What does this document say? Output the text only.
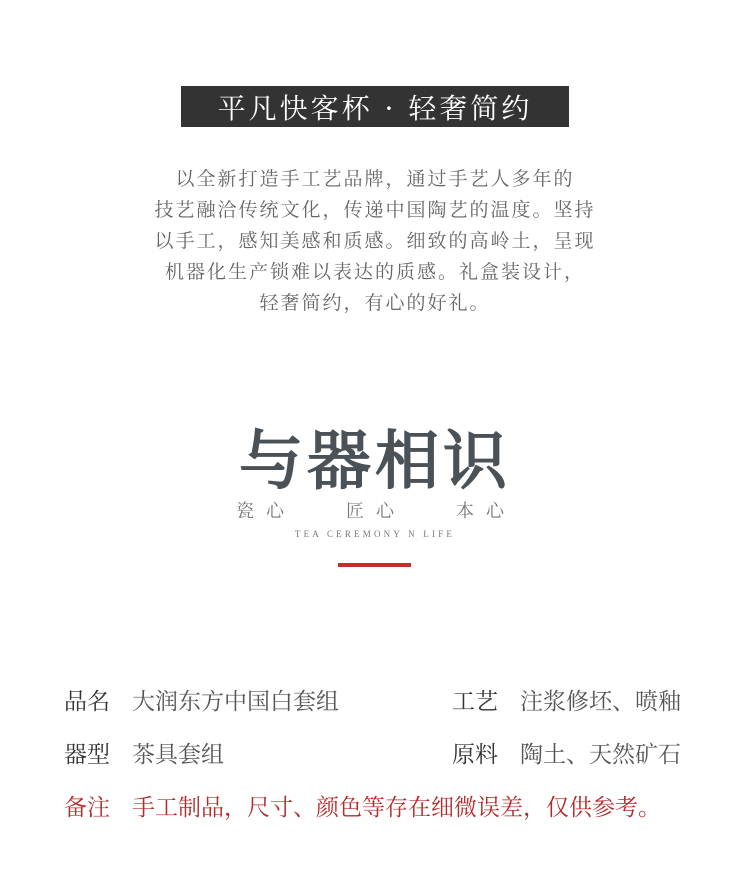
平凡快客杯 · 轻奢简约
以全新打造手工艺品牌，通过手艺人多年的
技艺融洽传统文化，传递中国陶艺的温度。坚持
以手工，感知美感和质感。细致的高岭土，呈现
机器化生产锁难以表达的质感。礼盒装设计，
轻奢简约，有心的好礼。
与器相识
瓷心	匠心	本心
TEA CEREMONY N LIFE
品名 大润东方中国白套组	工艺 注浆修坯、喷釉
器型 茶具套组	原料 陶土、天然矿石
备注 手工制品，尺寸、颜色等存在细微误差，仅供参考。
